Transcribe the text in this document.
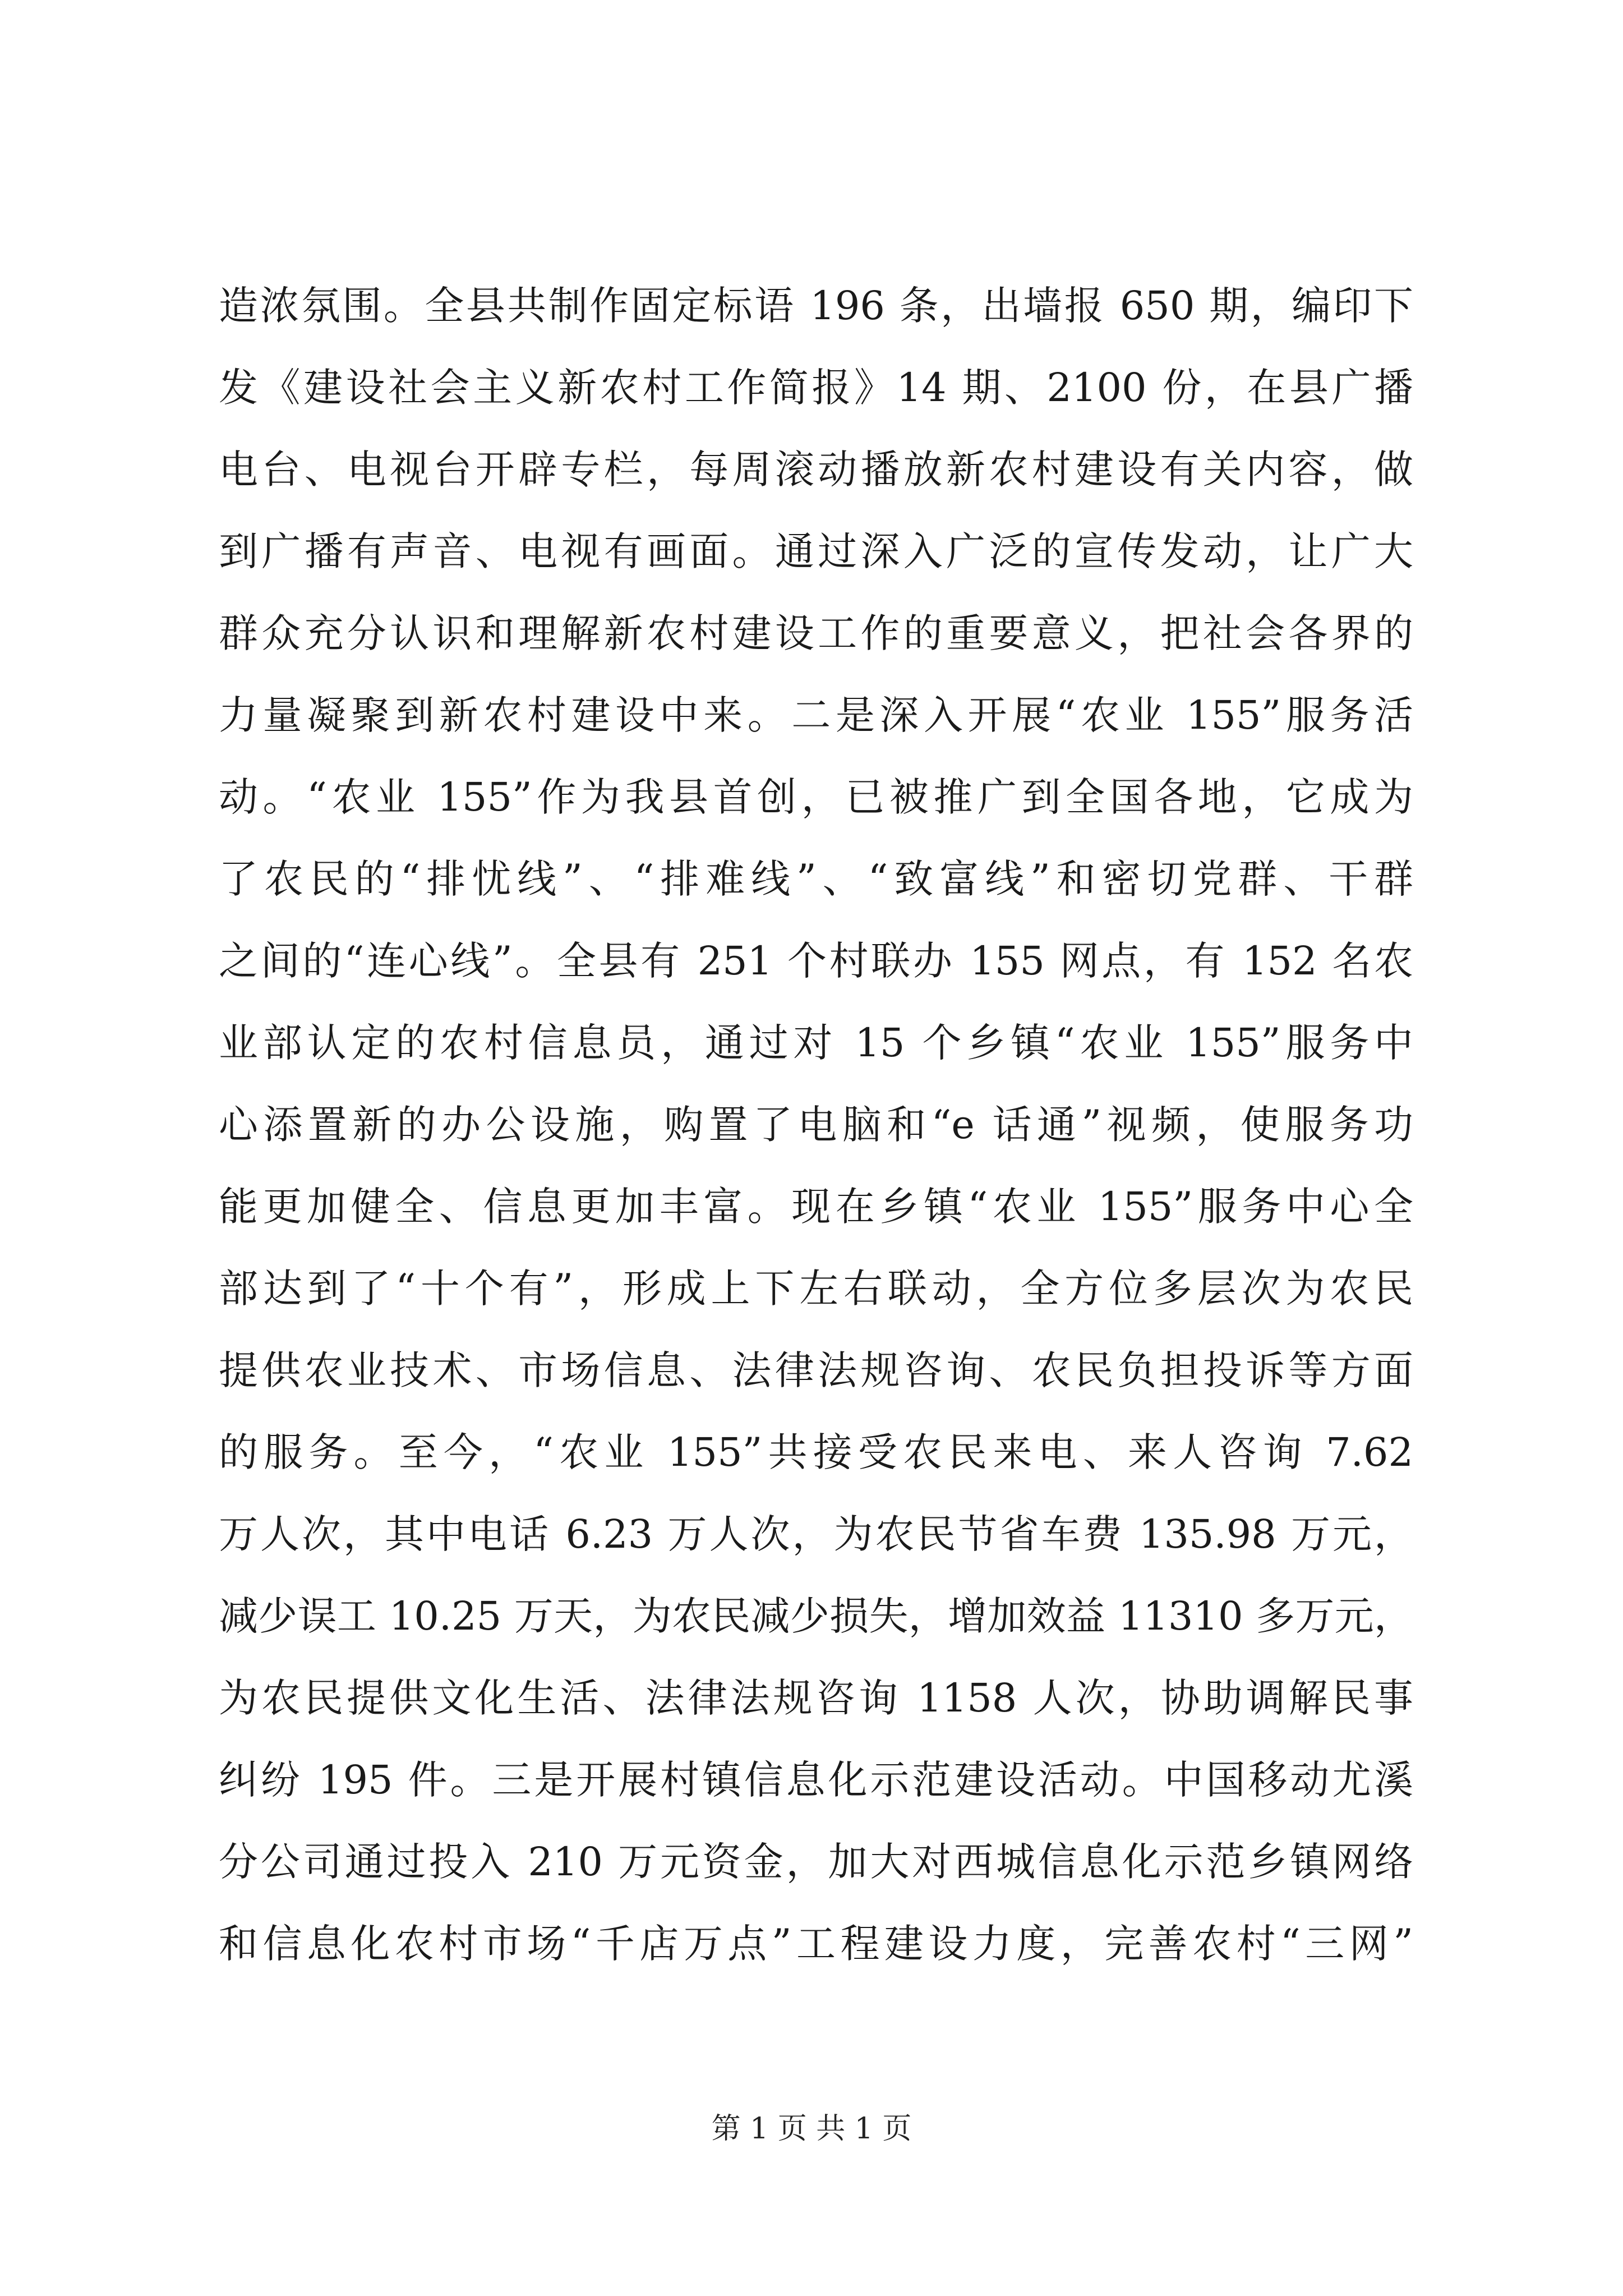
造浓氛围。全县共制作固定标语 196 条，出墙报 650 期，编印下
发《建设社会主义新农村工作简报》14 期、2100 份，在县广播
电台、电视台开辟专栏，每周滚动播放新农村建设有关内容，做
到广播有声音、电视有画面。通过深入广泛的宣传发动，让广大
群众充分认识和理解新农村建设工作的重要意义，把社会各界的
力量凝聚到新农村建设中来。二是深入开展“农业 155”服务活
动。“农业 155”作为我县首创，已被推广到全国各地，它成为
了农民的“排忧线”、“排难线”、“致富线”和密切党群、干群
之间的“连心线”。全县有 251 个村联办 155 网点，有 152 名农
业部认定的农村信息员，通过对 15 个乡镇“农业 155”服务中
心添置新的办公设施，购置了电脑和“e 话通”视频，使服务功
能更加健全、信息更加丰富。现在乡镇“农业 155”服务中心全
部达到了“十个有”，形成上下左右联动，全方位多层次为农民
提供农业技术、市场信息、法律法规咨询、农民负担投诉等方面
的服务。至今，“农业 155”共接受农民来电、来人咨询 7.62
万人次，其中电话 6.23 万人次，为农民节省车费 135.98 万元，
减少误工 10.25 万天，为农民减少损失，增加效益 11310 多万元，
为农民提供文化生活、法律法规咨询 1158 人次，协助调解民事
纠纷 195 件。三是开展村镇信息化示范建设活动。中国移动尤溪
分公司通过投入 210 万元资金，加大对西城信息化示范乡镇网络
和信息化农村市场“千店万点”工程建设力度，完善农村“三网”
第 1 页 共 1 页
